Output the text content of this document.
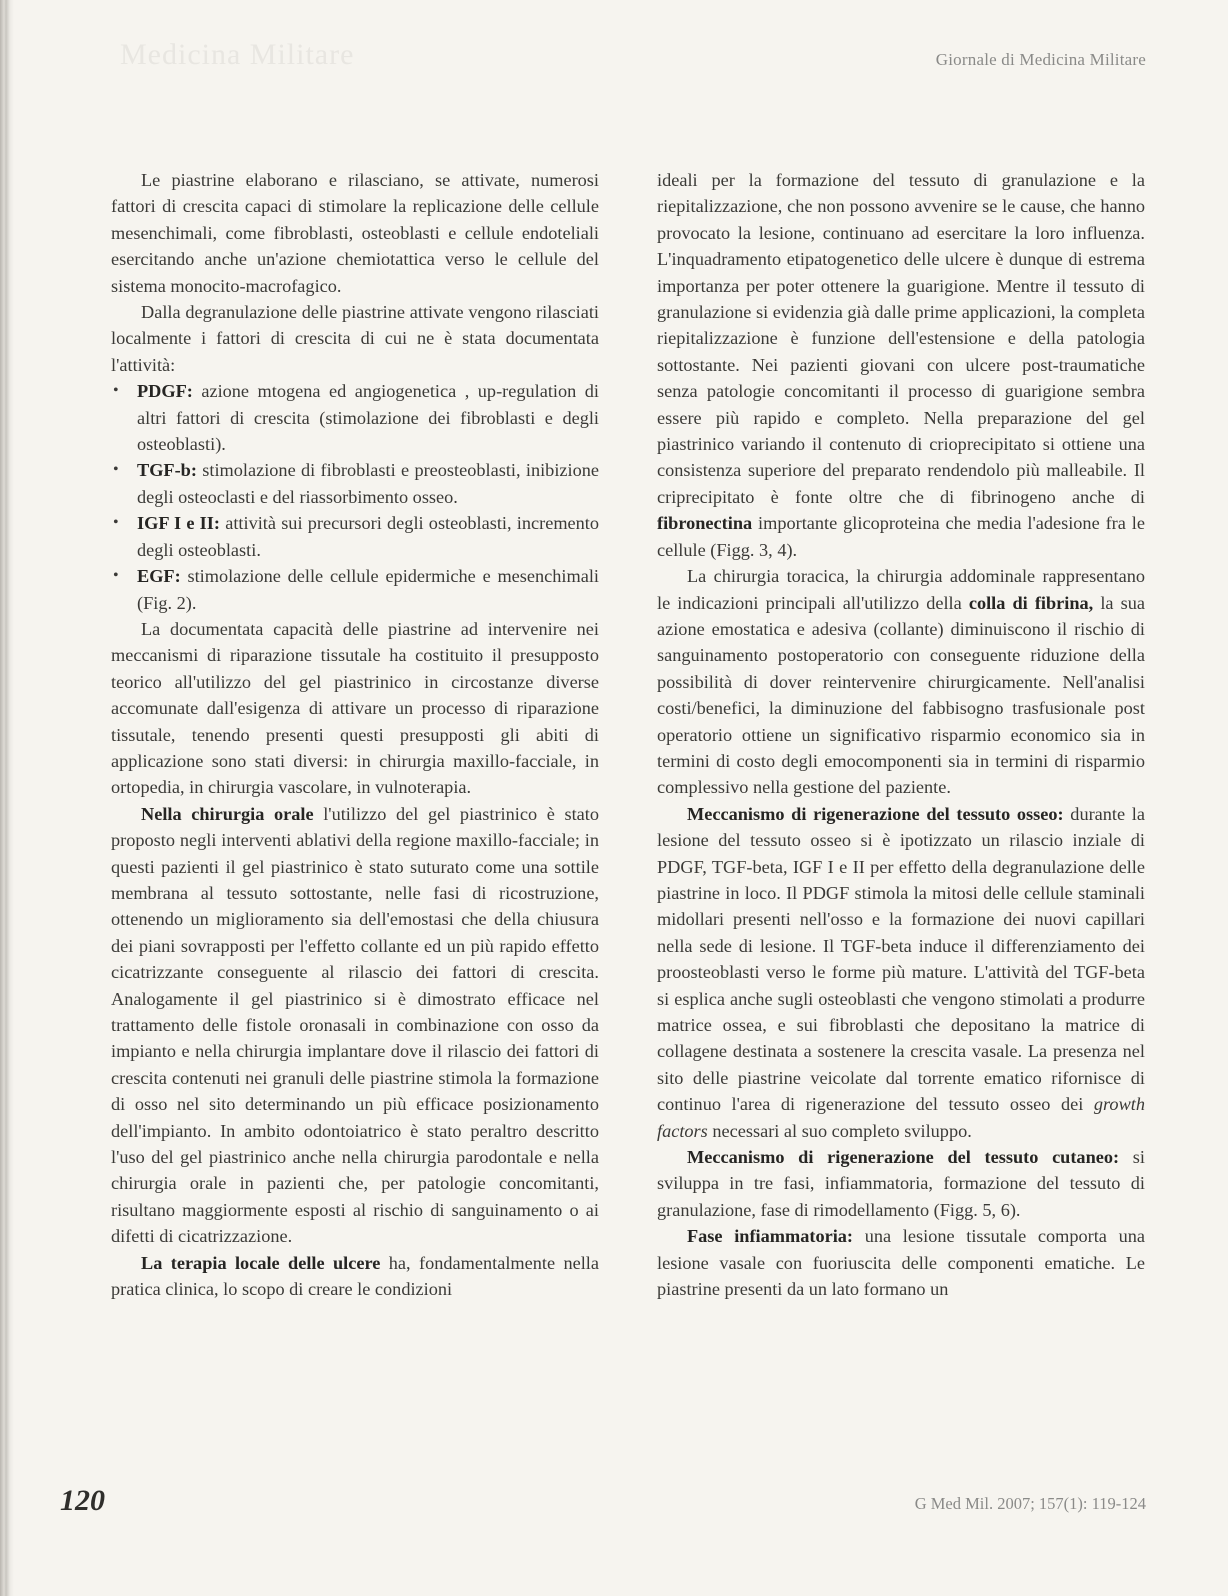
Medicina Militare	Giornale di Medicina Militare

Le piastrine elaborano e rilasciano, se attivate, numerosi fattori di crescita capaci di stimolare la replicazione delle cellule mesenchimali, come fibroblasti, osteoblasti e cellule endoteliali esercitando anche un'azione chemiotattica verso le cellule del sistema monocito-macrofagico.

Dalla degranulazione delle piastrine attivate vengono rilasciati localmente i fattori di crescita di cui ne è stata documentata l'attività:

• PDGF: azione mtogena ed angiogenetica , up-regulation di altri fattori di crescita (stimolazione dei fibroblasti e degli osteoblasti).
• TGF-b: stimolazione di fibroblasti e preosteoblasti, inibizione degli osteoclasti e del riassorbimento osseo.
• IGF I e II: attività sui precursori degli osteoblasti, incremento degli osteoblasti.
• EGF: stimolazione delle cellule epidermiche e mesenchimali (Fig. 2).

La documentata capacità delle piastrine ad intervenire nei meccanismi di riparazione tissutale ha costituito il presupposto teorico all'utilizzo del gel piastrinico in circostanze diverse accomunate dall'esigenza di attivare un processo di riparazione tissutale, tenendo presenti questi presupposti gli abiti di applicazione sono stati diversi: in chirurgia maxillo-facciale, in ortopedia, in chirurgia vascolare, in vulnoterapia.

Nella chirurgia orale l'utilizzo del gel piastrinico è stato proposto negli interventi ablativi della regione maxillo-facciale; in questi pazienti il gel piastrinico è stato suturato come una sottile membrana al tessuto sottostante, nelle fasi di ricostruzione, ottenendo un miglioramento sia dell'emostasi che della chiusura dei piani sovrapposti per l'effetto collante ed un più rapido effetto cicatrizzante conseguente al rilascio dei fattori di crescita. Analogamente il gel piastrinico si è dimostrato efficace nel trattamento delle fistole oronasali in combinazione con osso da impianto e nella chirurgia implantare dove il rilascio dei fattori di crescita contenuti nei granuli delle piastrine stimola la formazione di osso nel sito determinando un più efficace posizionamento dell'impianto. In ambito odontoiatrico è stato peraltro descritto l'uso del gel piastrinico anche nella chirurgia parodontale e nella chirurgia orale in pazienti che, per patologie concomitanti, risultano maggiormente esposti al rischio di sanguinamento o ai difetti di cicatrizzazione.

La terapia locale delle ulcere ha, fondamentalmente nella pratica clinica, lo scopo di creare le condizioni

ideali per la formazione del tessuto di granulazione e la riepitalizzazione, che non possono avvenire se le cause, che hanno provocato la lesione, continuano ad esercitare la loro influenza. L'inquadramento etipatogenetico delle ulcere è dunque di estrema importanza per poter ottenere la guarigione. Mentre il tessuto di granulazione si evidenzia già dalle prime applicazioni, la completa riepitalizzazione è funzione dell'estensione e della patologia sottostante. Nei pazienti giovani con ulcere post-traumatiche senza patologie concomitanti il processo di guarigione sembra essere più rapido e completo. Nella preparazione del gel piastrinico variando il contenuto di crioprecipitato si ottiene una consistenza superiore del preparato rendendolo più malleabile. Il criprecipitato è fonte oltre che di fibrinogeno anche di fibronectina importante glicoproteina che media l'adesione fra le cellule (Figg. 3, 4).

La chirurgia toracica, la chirurgia addominale rappresentano le indicazioni principali all'utilizzo della colla di fibrina, la sua azione emostatica e adesiva (collante) diminuiscono il rischio di sanguinamento postoperatorio con conseguente riduzione della possibilità di dover reintervenire chirurgicamente. Nell'analisi costi/benefici, la diminuzione del fabbisogno trasfusionale post operatorio ottiene un significativo risparmio economico sia in termini di costo degli emocomponenti sia in termini di risparmio complessivo nella gestione del paziente.

Meccanismo di rigenerazione del tessuto osseo: durante la lesione del tessuto osseo si è ipotizzato un rilascio inziale di PDGF, TGF-beta, IGF I e II per effetto della degranulazione delle piastrine in loco. Il PDGF stimola la mitosi delle cellule staminali midollari presenti nell'osso e la formazione dei nuovi capillari nella sede di lesione. Il TGF-beta induce il differenziamento dei proosteoblasti verso le forme più mature. L'attività del TGF-beta si esplica anche sugli osteoblasti che vengono stimolati a produrre matrice ossea, e sui fibroblasti che depositano la matrice di collagene destinata a sostenere la crescita vasale. La presenza nel sito delle piastrine veicolate dal torrente ematico rifornisce di continuo l'area di rigenerazione del tessuto osseo dei growth factors necessari al suo completo sviluppo.

Meccanismo di rigenerazione del tessuto cutaneo: si sviluppa in tre fasi, infiammatoria, formazione del tessuto di granulazione, fase di rimodellamento (Figg. 5, 6).

Fase infiammatoria: una lesione tissutale comporta una lesione vasale con fuoriuscita delle componenti ematiche. Le piastrine presenti da un lato formano un

120	G Med Mil. 2007; 157(1): 119-124
